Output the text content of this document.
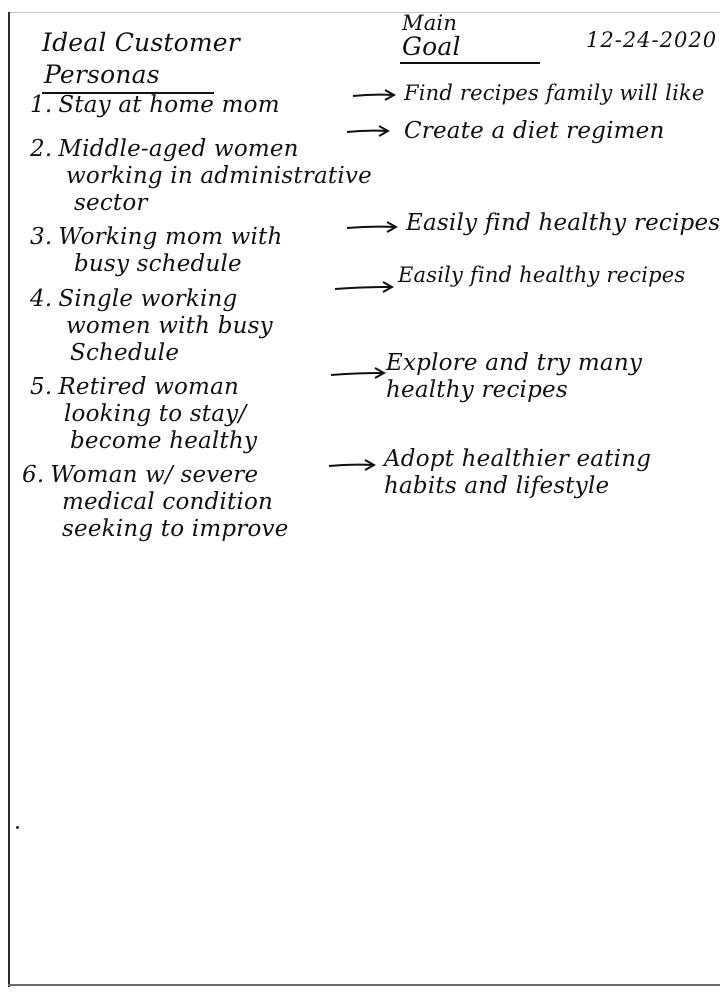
Ideal Customer
Personas
Main
Goal	12-24-2020
1. Stay at home mom
2. Middle-aged women
working in administrative
sector
3. Working mom with
busy schedule
4. Single working
women with busy
Schedule
5. Retired woman
looking to stay/
become healthy
6. Woman w/ severe
medical condition
seeking to improve
Find recipes family will like
Create a diet regimen
Easily find healthy recipes
Easily find healthy recipes
Explore and try many
healthy recipes
Adopt healthier eating
habits and lifestyle
